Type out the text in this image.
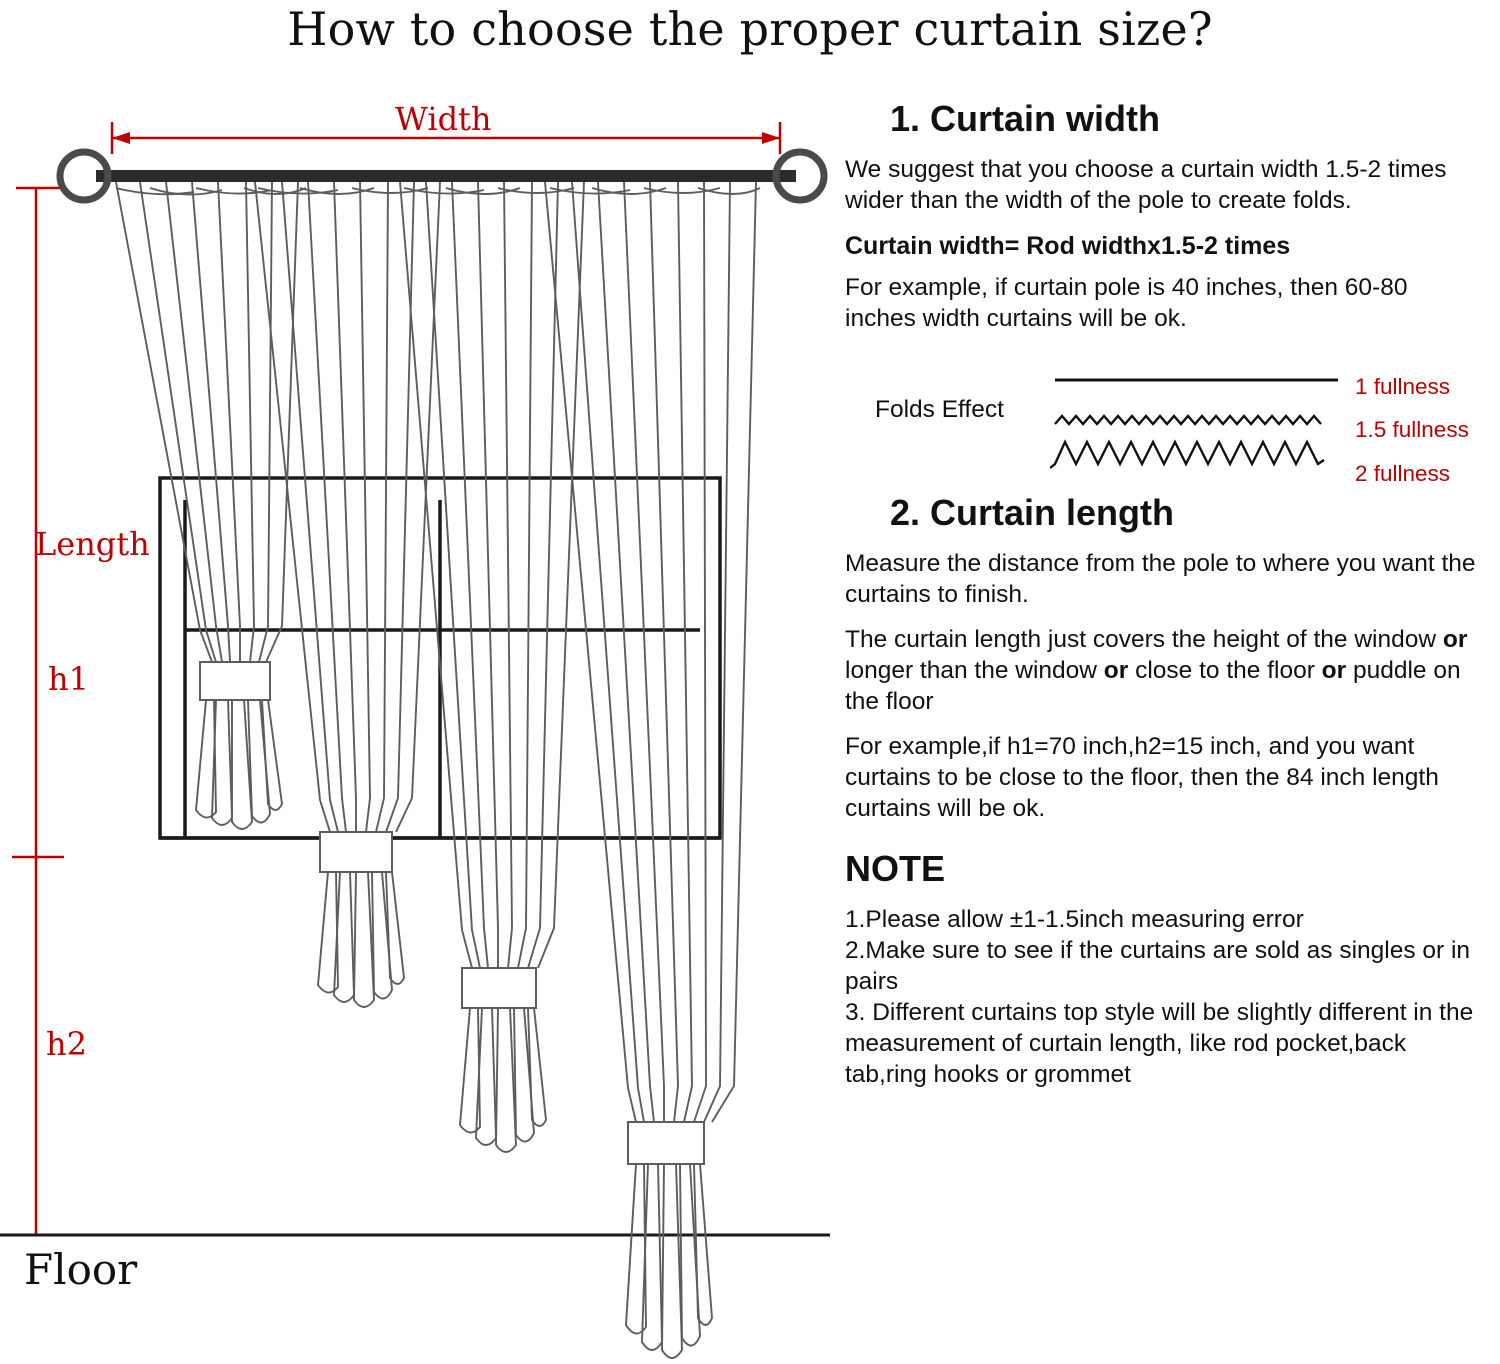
How to choose the proper curtain size?
Width
Length
h1
h2
Floor
1. Curtain width

We suggest that you choose a curtain width 1.5-2 times wider than the width of the pole to create folds.

Curtain width= Rod widthx1.5-2 times

For example, if curtain pole is 40 inches, then 60-80 inches width curtains will be ok.

Folds Effect
1 fullness
1.5 fullness
2 fullness
2. Curtain length

Measure the distance from the pole to where you want the curtains to finish.

The curtain length just covers the height of the window or longer than the window or close to the floor or puddle on the floor

For example,if h1=70 inch,h2=15 inch, and you want curtains to be close to the floor, then the 84 inch length curtains will be ok.

NOTE
1.Please allow ±1-1.5inch measuring error
2.Make sure to see if the curtains are sold as singles or in pairs
3. Different curtains top style will be slightly different in the measurement of curtain length, like rod pocket,back tab,ring hooks or grommet
